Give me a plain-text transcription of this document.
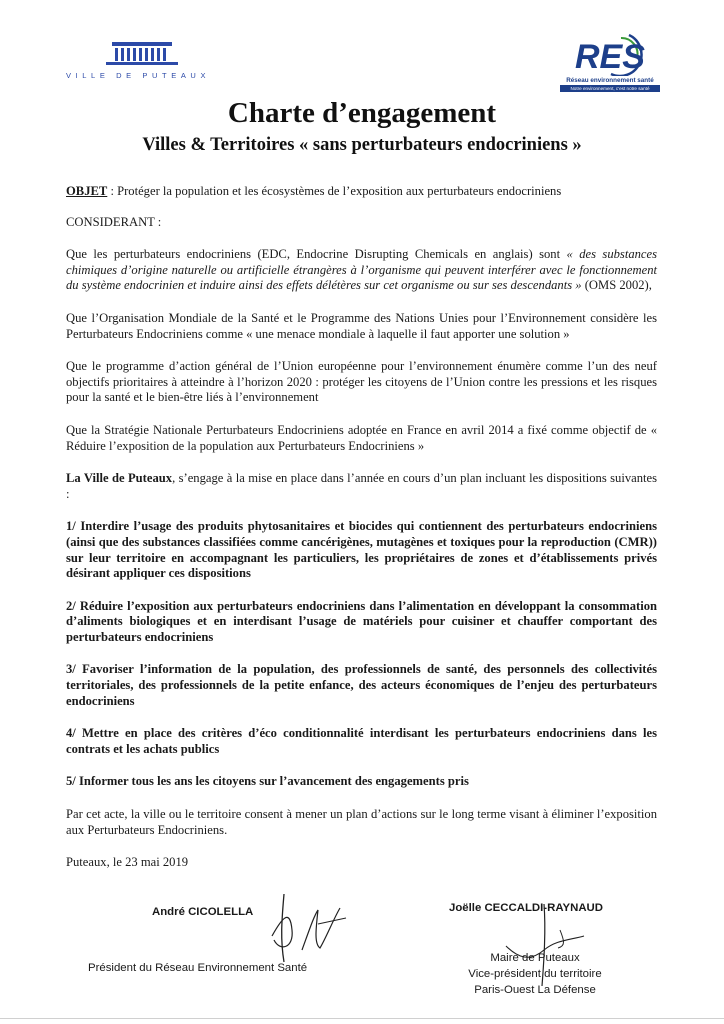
VILLE DE PUTEAUX	RES
Réseau environnement santé
Notre environnement, c'est notre santé
Charte d’engagement
Villes & Territoires « sans perturbateurs endocriniens »

OBJET : Protéger la population et les écosystèmes de l’exposition aux perturbateurs endocriniens

CONSIDERANT :

Que les perturbateurs endocriniens (EDC, Endocrine Disrupting Chemicals en anglais) sont « des substances chimiques d’origine naturelle ou artificielle étrangères à l’organisme qui peuvent interférer avec le fonctionnement du système endocrinien et induire ainsi des effets délétères sur cet organisme ou sur ses descendants » (OMS 2002),

Que l’Organisation Mondiale de la Santé et le Programme des Nations Unies pour l’Environnement considère les Perturbateurs Endocriniens comme « une menace mondiale à laquelle il faut apporter une solution »

Que le programme d’action général de l’Union européenne pour l’environnement énumère comme l’un des neuf objectifs prioritaires à atteindre à l’horizon 2020 : protéger les citoyens de l’Union contre les pressions et les risques pour la santé et le bien-être liés à l’environnement

Que la Stratégie Nationale Perturbateurs Endocriniens adoptée en France en avril 2014 a fixé comme objectif de « Réduire l’exposition de la population aux Perturbateurs Endocriniens »

La Ville de Puteaux, s’engage à la mise en place dans l’année en cours d’un plan incluant les dispositions suivantes :

1/ Interdire l’usage des produits phytosanitaires et biocides qui contiennent des perturbateurs endocriniens (ainsi que des substances classifiées comme cancérigènes, mutagènes et toxiques pour la reproduction (CMR)) sur leur territoire en accompagnant les particuliers, les propriétaires de zones et d’établissements privés désirant appliquer ces dispositions

2/ Réduire l’exposition aux perturbateurs endocriniens dans l’alimentation en développant la consommation d’aliments biologiques et en interdisant l’usage de matériels pour cuisiner et chauffer comportant des perturbateurs endocriniens

3/ Favoriser l’information de la population, des professionnels de santé, des personnels des collectivités territoriales, des professionnels de la petite enfance, des acteurs économiques de l’enjeu des perturbateurs endocriniens

4/ Mettre en place des critères d’éco conditionnalité interdisant les perturbateurs endocriniens dans les contrats et les achats publics

5/ Informer tous les ans les citoyens sur l’avancement des engagements pris

Par cet acte, la ville ou le territoire consent à mener un plan d’actions sur le long terme visant à éliminer l’exposition aux Perturbateurs Endocriniens.

Puteaux, le 23 mai 2019

André CICOLELLA
Président du Réseau Environnement Santé
Joëlle CECCALDI-RAYNAUD
Maire de Puteaux
Vice-président du territoire
Paris-Ouest La Défense
